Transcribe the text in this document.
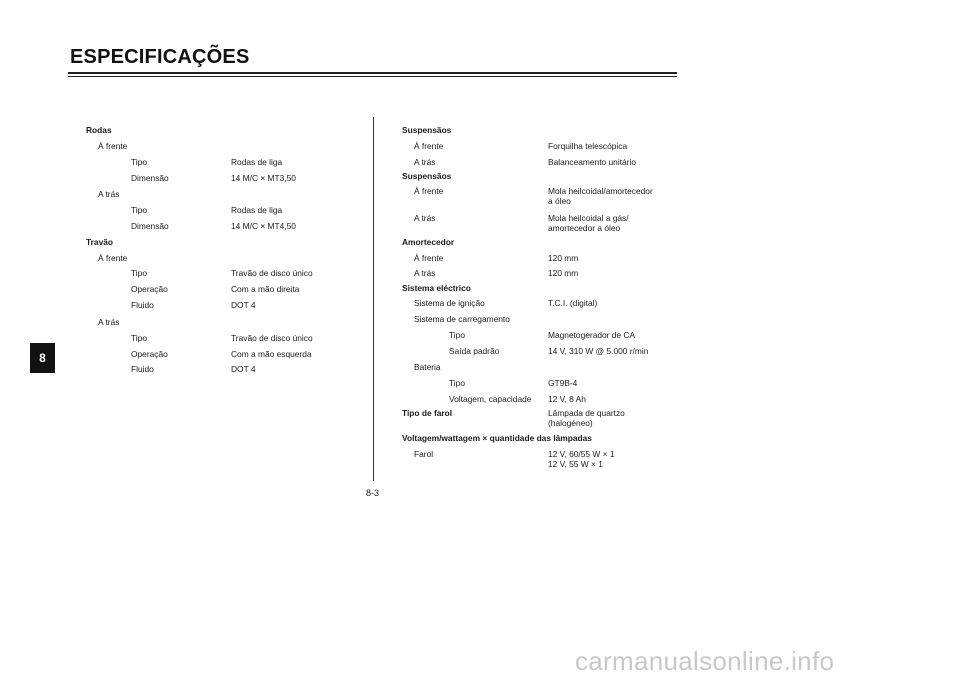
ESPECIFICAÇÕES
8
Rodas
À frente
Tipo	Rodas de liga
Dimensão	14 M/C × MT3,50
A trás
Tipo	Rodas de liga
Dimensão	14 M/C × MT4,50
Travão
À frente
Tipo	Travão de disco único
Operação	Com a mão direita
Fluido	DOT 4
A trás
Tipo	Travão de disco único
Operação	Com a mão esquerda
Fluido	DOT 4
Suspensãos
À frente	Forquilha telescópica
A trás	Balanceamento unitário
Suspensãos
À frente	Mola heilcoidal/amortecedor
a óleo
A trás	Mola heilcoidal a gás/
amortecedor a óleo
Amortecedor
À frente	120 mm
A trás	120 mm
Sistema eléctrico
Sistema de ignição	T.C.I. (digital)
Sistema de carregamento
Tipo	Magnetogerador de CA
Saída padrão	14 V, 310 W @ 5.000 r/min
Bateria
Tipo	GT9B-4
Voltagem, capacidade 12 V, 8 Ah
Tipo de farol	Lâmpada de quartzo
(halogéneo)
Voltagem/wattagem × quantidade das lâmpadas
Farol	12 V, 60/55 W × 1
12 V, 55 W × 1
8-3
carmanualsonline.info
